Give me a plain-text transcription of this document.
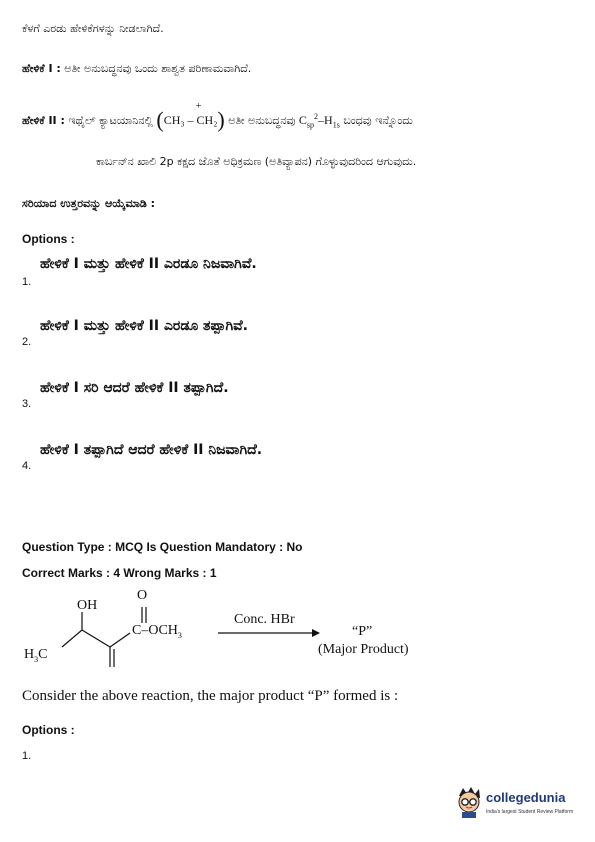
ಕೆಳಗೆ ಎರಡು ಹೇಳಿಕೆಗಳನ್ನು ನೀಡಲಾಗಿದೆ.
ಹೇಳಿಕೆ I : ಅತೀ ಅನುಬದ್ಧನವು ಒಂದು ಶಾಶ್ವತ ಪರಿಣಾಮವಾಗಿದೆ.
ಹೇಳಿಕೆ II : ಇಥೈಲ್ ಕ್ಯಾಟಯಾನಿನಲ್ಲಿ (CH₃ – CH₂
+
) ಅತೀ ಅನುಬದ್ಧನವು $C_{sp}^2-H_{1s}$ ಬಂಧವು ಇನ್ನೊಂದು
ಕಾರ್ಬನ್‌ನ ಖಾಲಿ 2p ಕಕ್ಷದ ಜೊತೆ ಅಧಿಕ್ರಮಣ (ಅತಿವ್ಯಾಪನ) ಗೊಳ್ಳುವುದರಿಂದ ಆಗುವುದು.
ಸರಿಯಾದ ಉತ್ತರವನ್ನು ಆಯ್ಕೆಮಾಡಿ :
Options :
ಹೇಳಿಕೆ I ಮತ್ತು ಹೇಳಿಕೆ II ಎರಡೂ ನಿಜವಾಗಿವೆ.
1.
ಹೇಳಿಕೆ I ಮತ್ತು ಹೇಳಿಕೆ II ಎರಡೂ ತಪ್ಪಾಗಿವೆ.
2.
ಹೇಳಿಕೆ I ಸರಿ ಆದರೆ ಹೇಳಿಕೆ II ತಪ್ಪಾಗಿದೆ.
3.
ಹೇಳಿಕೆ I ತಪ್ಪಾಗಿದೆ ಆದರೆ ಹೇಳಿಕೆ II ನಿಜವಾಗಿದೆ.
4.
Question Type : MCQ Is Question Mandatory : No
Correct Marks : 4 Wrong Marks : 1
OH
O
$C-OCH_3$
$H_3C$
Conc. HBr
“P”
(Major Product)
Consider the above reaction, the major product “P” formed is :
Options :
1.
collegedunia
India's largest Student Review Platform
